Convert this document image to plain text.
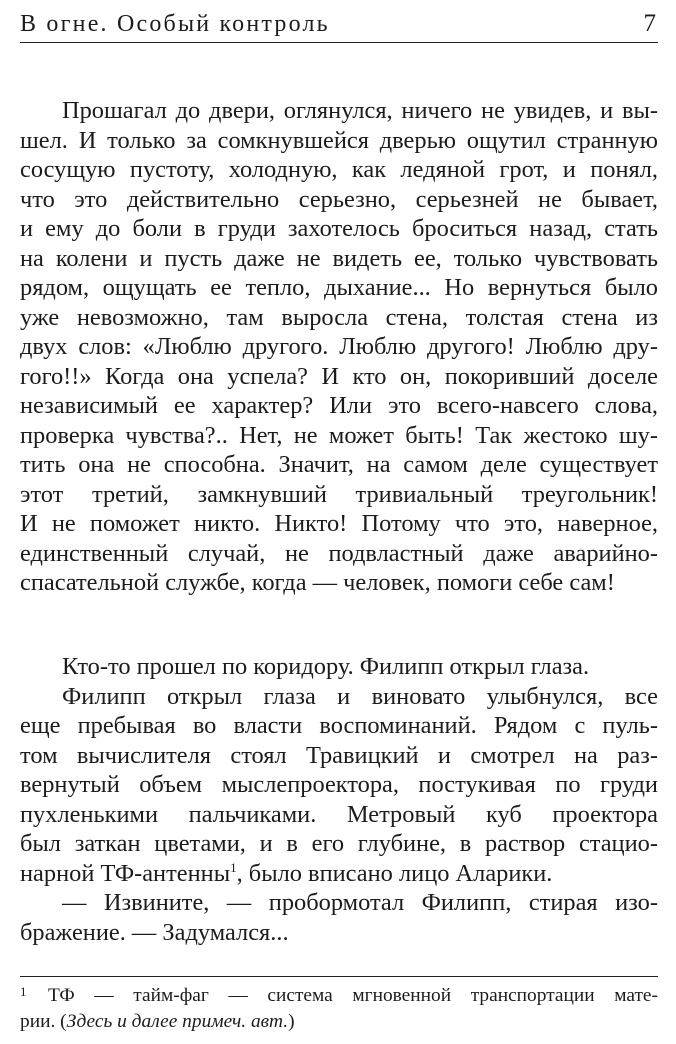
В огне. Особый контроль	7
Прошагал до двери, оглянулся, ничего не увидев, и вы-
шел. И только за сомкнувшейся дверью ощутил странную
сосущую пустоту, холодную, как ледяной грот, и понял,
что это действительно серьезно, серьезней не бывает,
и ему до боли в груди захотелось броситься назад, стать
на колени и пусть даже не видеть ее, только чувствовать
рядом, ощущать ее тепло, дыхание... Но вернуться было
уже невозможно, там выросла стена, толстая стена из
двух слов: «Люблю другого. Люблю другого! Люблю дру-
гого!!» Когда она успела? И кто он, покоривший доселе
независимый ее характер? Или это всего-навсего слова,
проверка чувства?.. Нет, не может быть! Так жестоко шу-
тить она не способна. Значит, на самом деле существует
этот третий, замкнувший тривиальный треугольник!
И не поможет никто. Никто! Потому что это, наверное,
единственный случай, не подвластный даже аварийно-
спасательной службе, когда — человек, помоги себе сам!
Кто-то прошел по коридору. Филипп открыл глаза.
Филипп открыл глаза и виновато улыбнулся, все
еще пребывая во власти воспоминаний. Рядом с пуль-
том вычислителя стоял Травицкий и смотрел на раз-
вернутый объем мыслепроектора, постукивая по груди
пухленькими пальчиками. Метровый куб проектора
был заткан цветами, и в его глубине, в раствор стацио-
нарной ТФ-антенны$^1$, было вписано лицо Аларики.
— Извините, — пробормотал Филипп, стирая изо-
бражение. — Задумался...
1	ТФ — тайм-фаг — система мгновенной транспортации мате-
рии. (Здесь и далее примеч. авт.)
